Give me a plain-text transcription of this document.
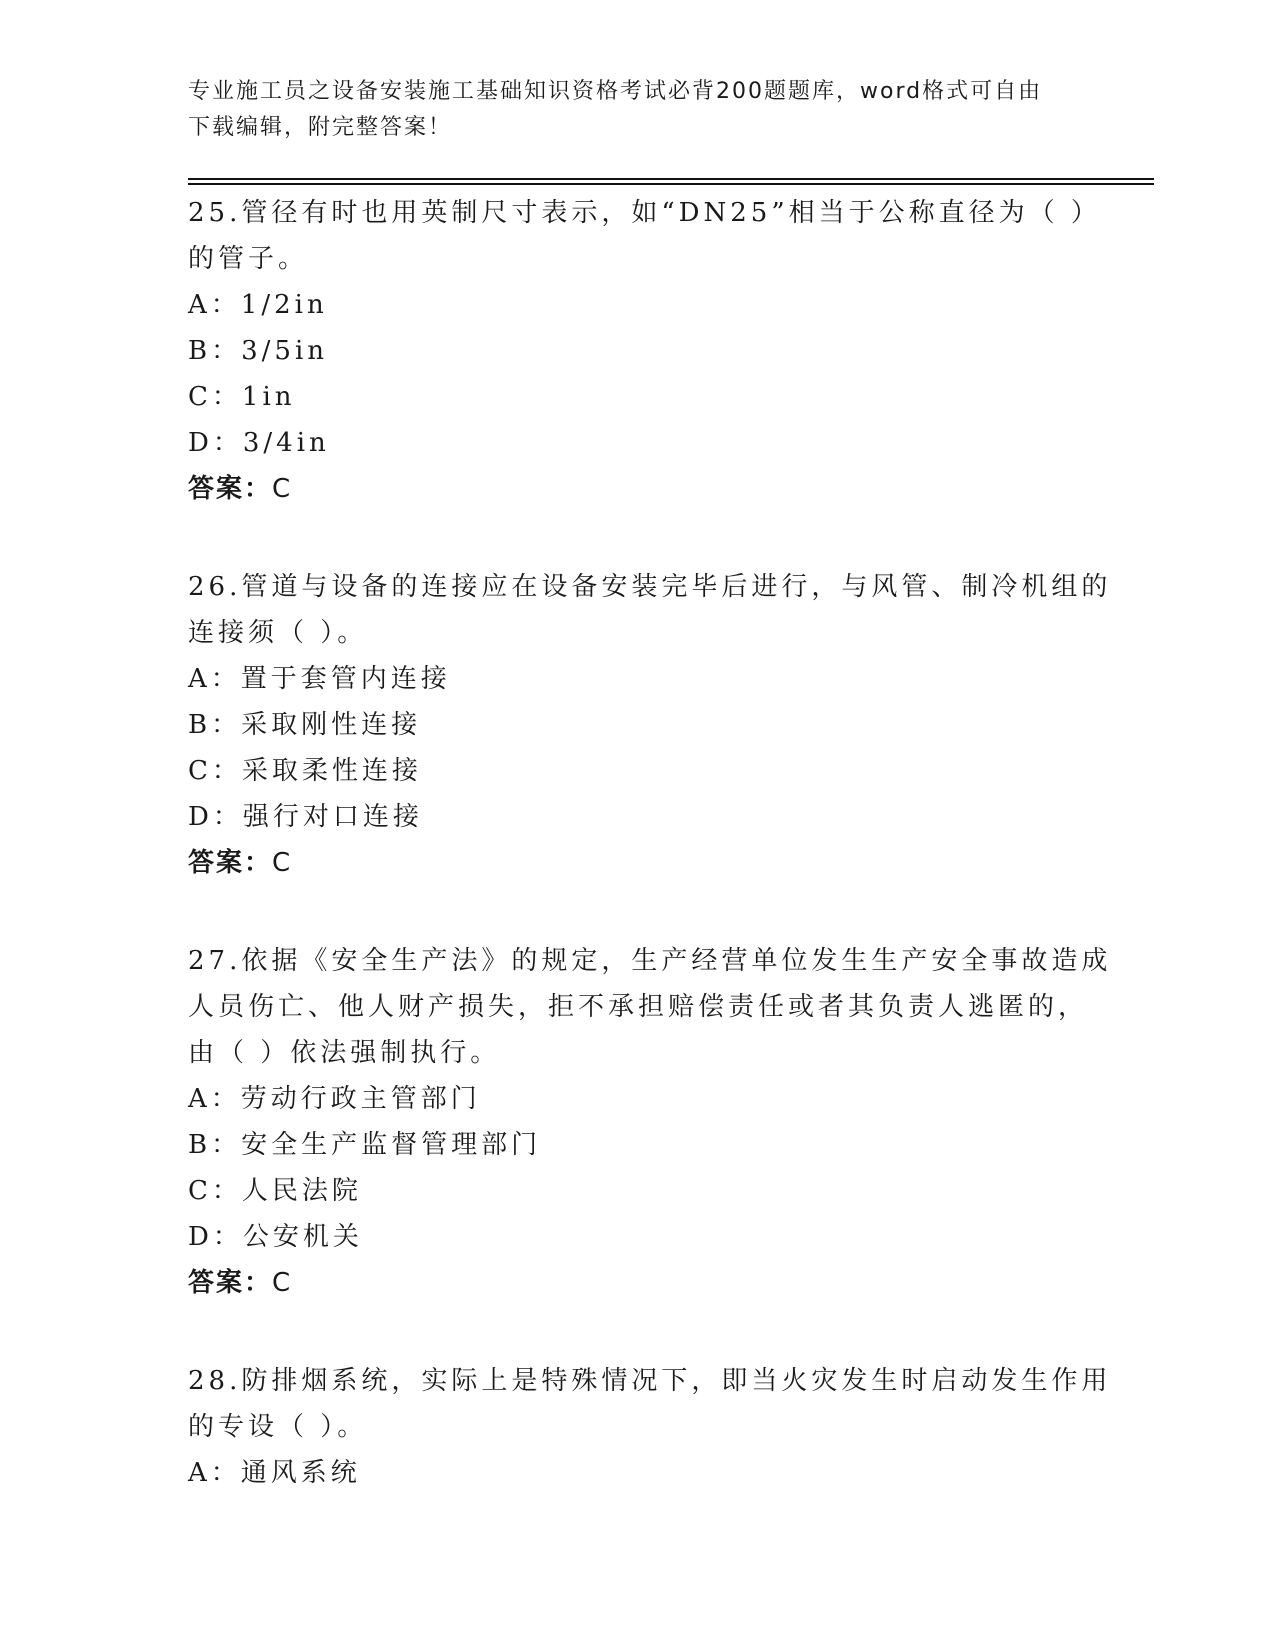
专业施工员之设备安装施工基础知识资格考试必背200题题库，word格式可自由
下载编辑，附完整答案！
25.管径有时也用英制尺寸表示，如“DN25”相当于公称直径为（ ）
的管子。
A：1/2in
B：3/5in
C：1in
D：3/4in
答案：C
26.管道与设备的连接应在设备安装完毕后进行，与风管、制冷机组的
连接须（ ）。
A：置于套管内连接
B：采取刚性连接
C：采取柔性连接
D：强行对口连接
答案：C
27.依据《安全生产法》的规定，生产经营单位发生生产安全事故造成
人员伤亡、他人财产损失，拒不承担赔偿责任或者其负责人逃匿的，
由（ ）依法强制执行。
A：劳动行政主管部门
B：安全生产监督管理部门
C：人民法院
D：公安机关
答案：C
28.防排烟系统，实际上是特殊情况下，即当火灾发生时启动发生作用
的专设（ ）。
A：通风系统
